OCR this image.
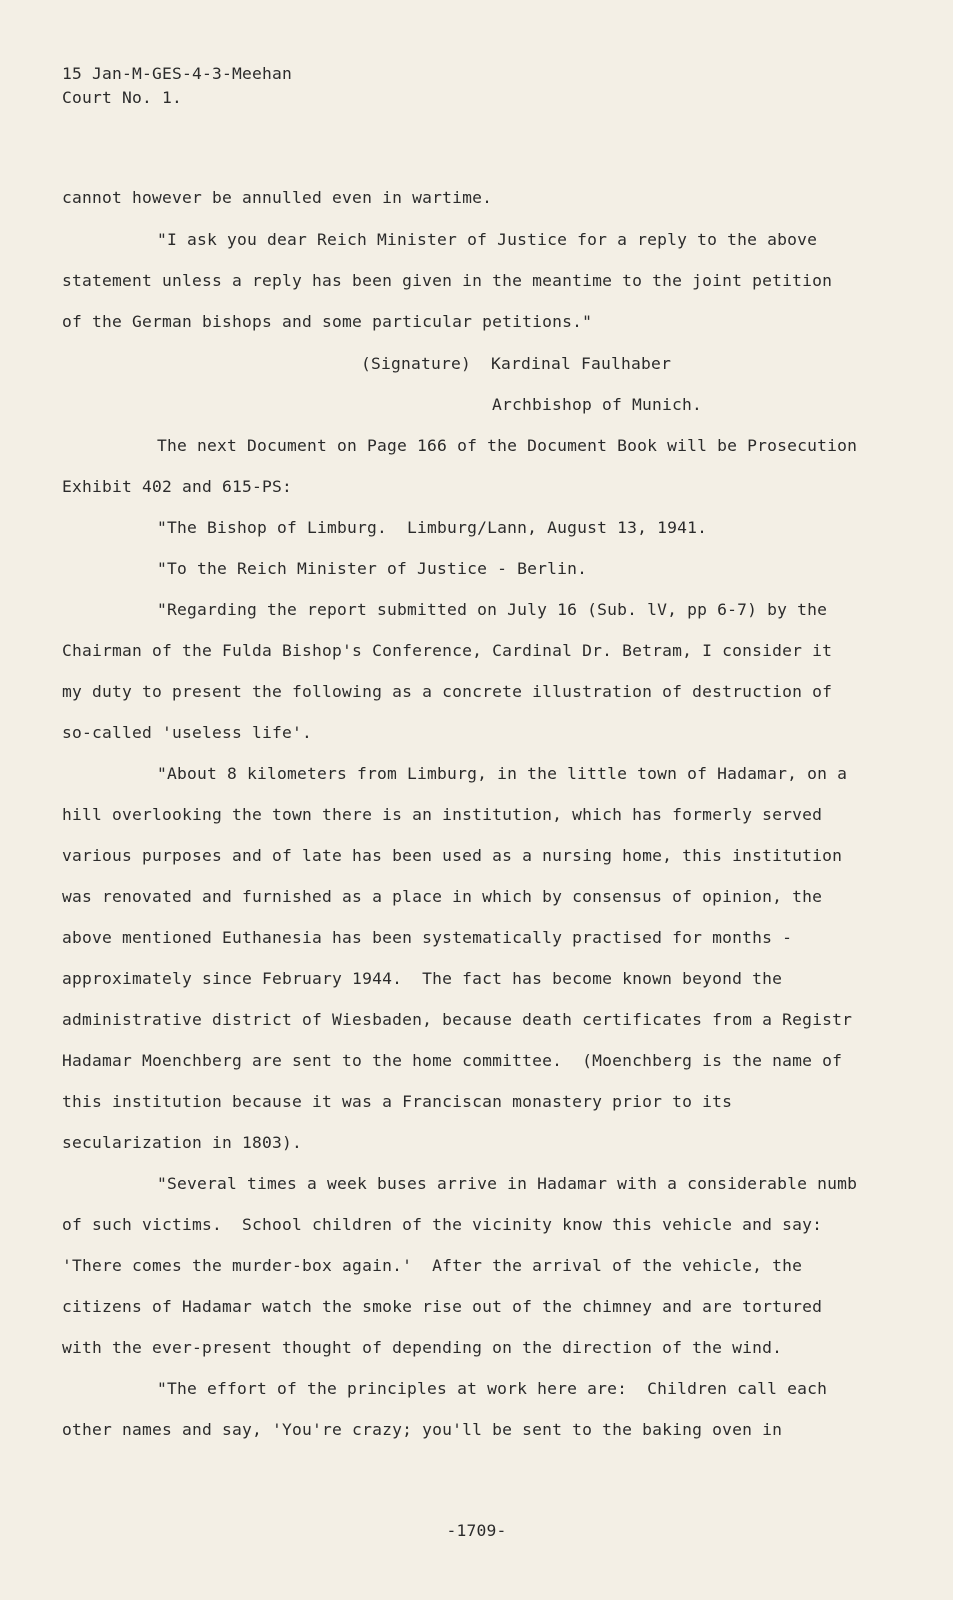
15 Jan-M-GES-4-3-Meehan
Court No. 1.
cannot however be annulled even in wartime.
"I ask you dear Reich Minister of Justice for a reply to the above
statement unless a reply has been given in the meantime to the joint petition
of the German bishops and some particular petitions."
(Signature)  Kardinal Faulhaber
Archbishop of Munich.
The next Document on Page 166 of the Document Book will be Prosecution
Exhibit 402 and 615-PS:
"The Bishop of Limburg.  Limburg/Lann, August 13, 1941.
"To the Reich Minister of Justice - Berlin.
"Regarding the report submitted on July 16 (Sub. lV, pp 6-7) by the
Chairman of the Fulda Bishop's Conference, Cardinal Dr. Betram, I consider it
my duty to present the following as a concrete illustration of destruction of
so-called 'useless life'.
"About 8 kilometers from Limburg, in the little town of Hadamar, on a
hill overlooking the town there is an institution, which has formerly served
various purposes and of late has been used as a nursing home, this institution
was renovated and furnished as a place in which by consensus of opinion, the
above mentioned Euthanesia has been systematically practised for months -
approximately since February 1944.  The fact has become known beyond the
administrative district of Wiesbaden, because death certificates from a Registr
Hadamar Moenchberg are sent to the home committee.  (Moenchberg is the name of
this institution because it was a Franciscan monastery prior to its
secularization in 1803).
"Several times a week buses arrive in Hadamar with a considerable numb
of such victims.  School children of the vicinity know this vehicle and say:
'There comes the murder-box again.'  After the arrival of the vehicle, the
citizens of Hadamar watch the smoke rise out of the chimney and are tortured
with the ever-present thought of depending on the direction of the wind.
"The effort of the principles at work here are:  Children call each
other names and say, 'You're crazy; you'll be sent to the baking oven in
-1709-
